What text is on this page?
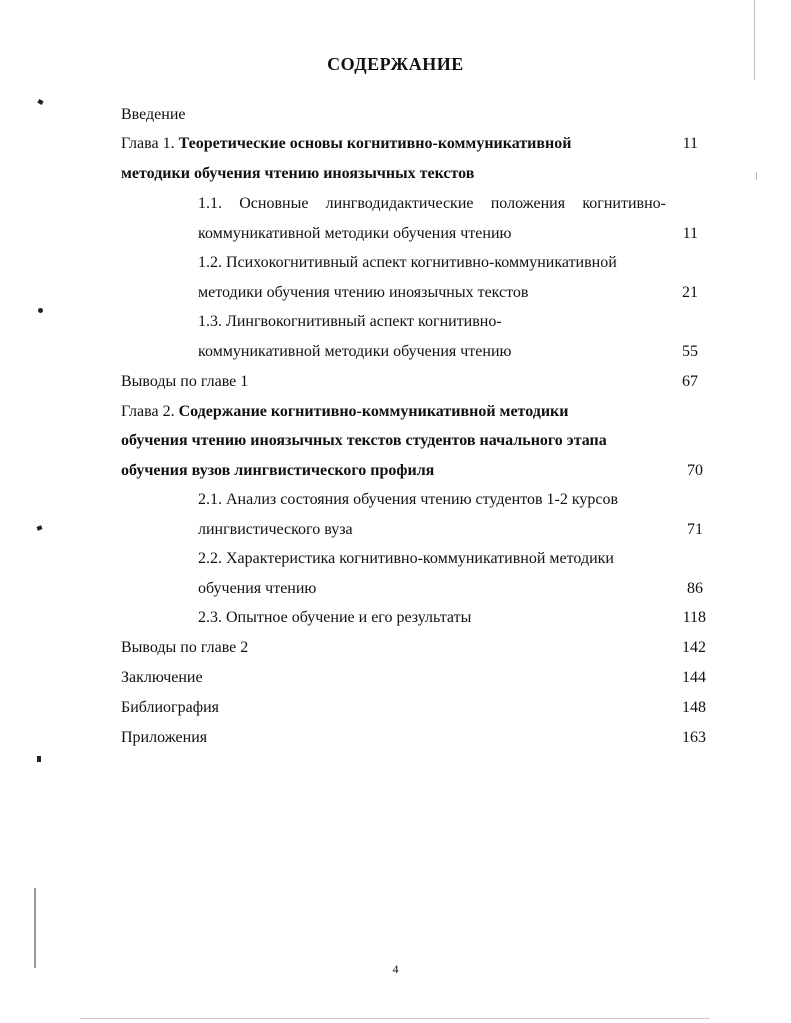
СОДЕРЖАНИЕ
Введение
Глава 1. Теоретические основы когнитивно-коммуникативной	11
методики обучения чтению иноязычных текстов
1.1. Основные лингводидактические положения когнитивно-
коммуникативной методики обучения чтению	11
1.2. Психокогнитивный аспект когнитивно-коммуникативной
методики обучения чтению иноязычных текстов	21
1.3. Лингвокогнитивный аспект когнитивно-
коммуникативной методики обучения чтению	55
Выводы по главе 1	67
Глава 2. Содержание когнитивно-коммуникативной методики
обучения чтению иноязычных текстов студентов начального этапа
обучения вузов лингвистического профиля	70
2.1. Анализ состояния обучения чтению студентов 1-2 курсов
лингвистического вуза	71
2.2. Характеристика когнитивно-коммуникативной методики
обучения чтению	86
2.3. Опытное обучение и его результаты	118
Выводы по главе 2	142
Заключение	144
Библиография	148
Приложения	163
4
